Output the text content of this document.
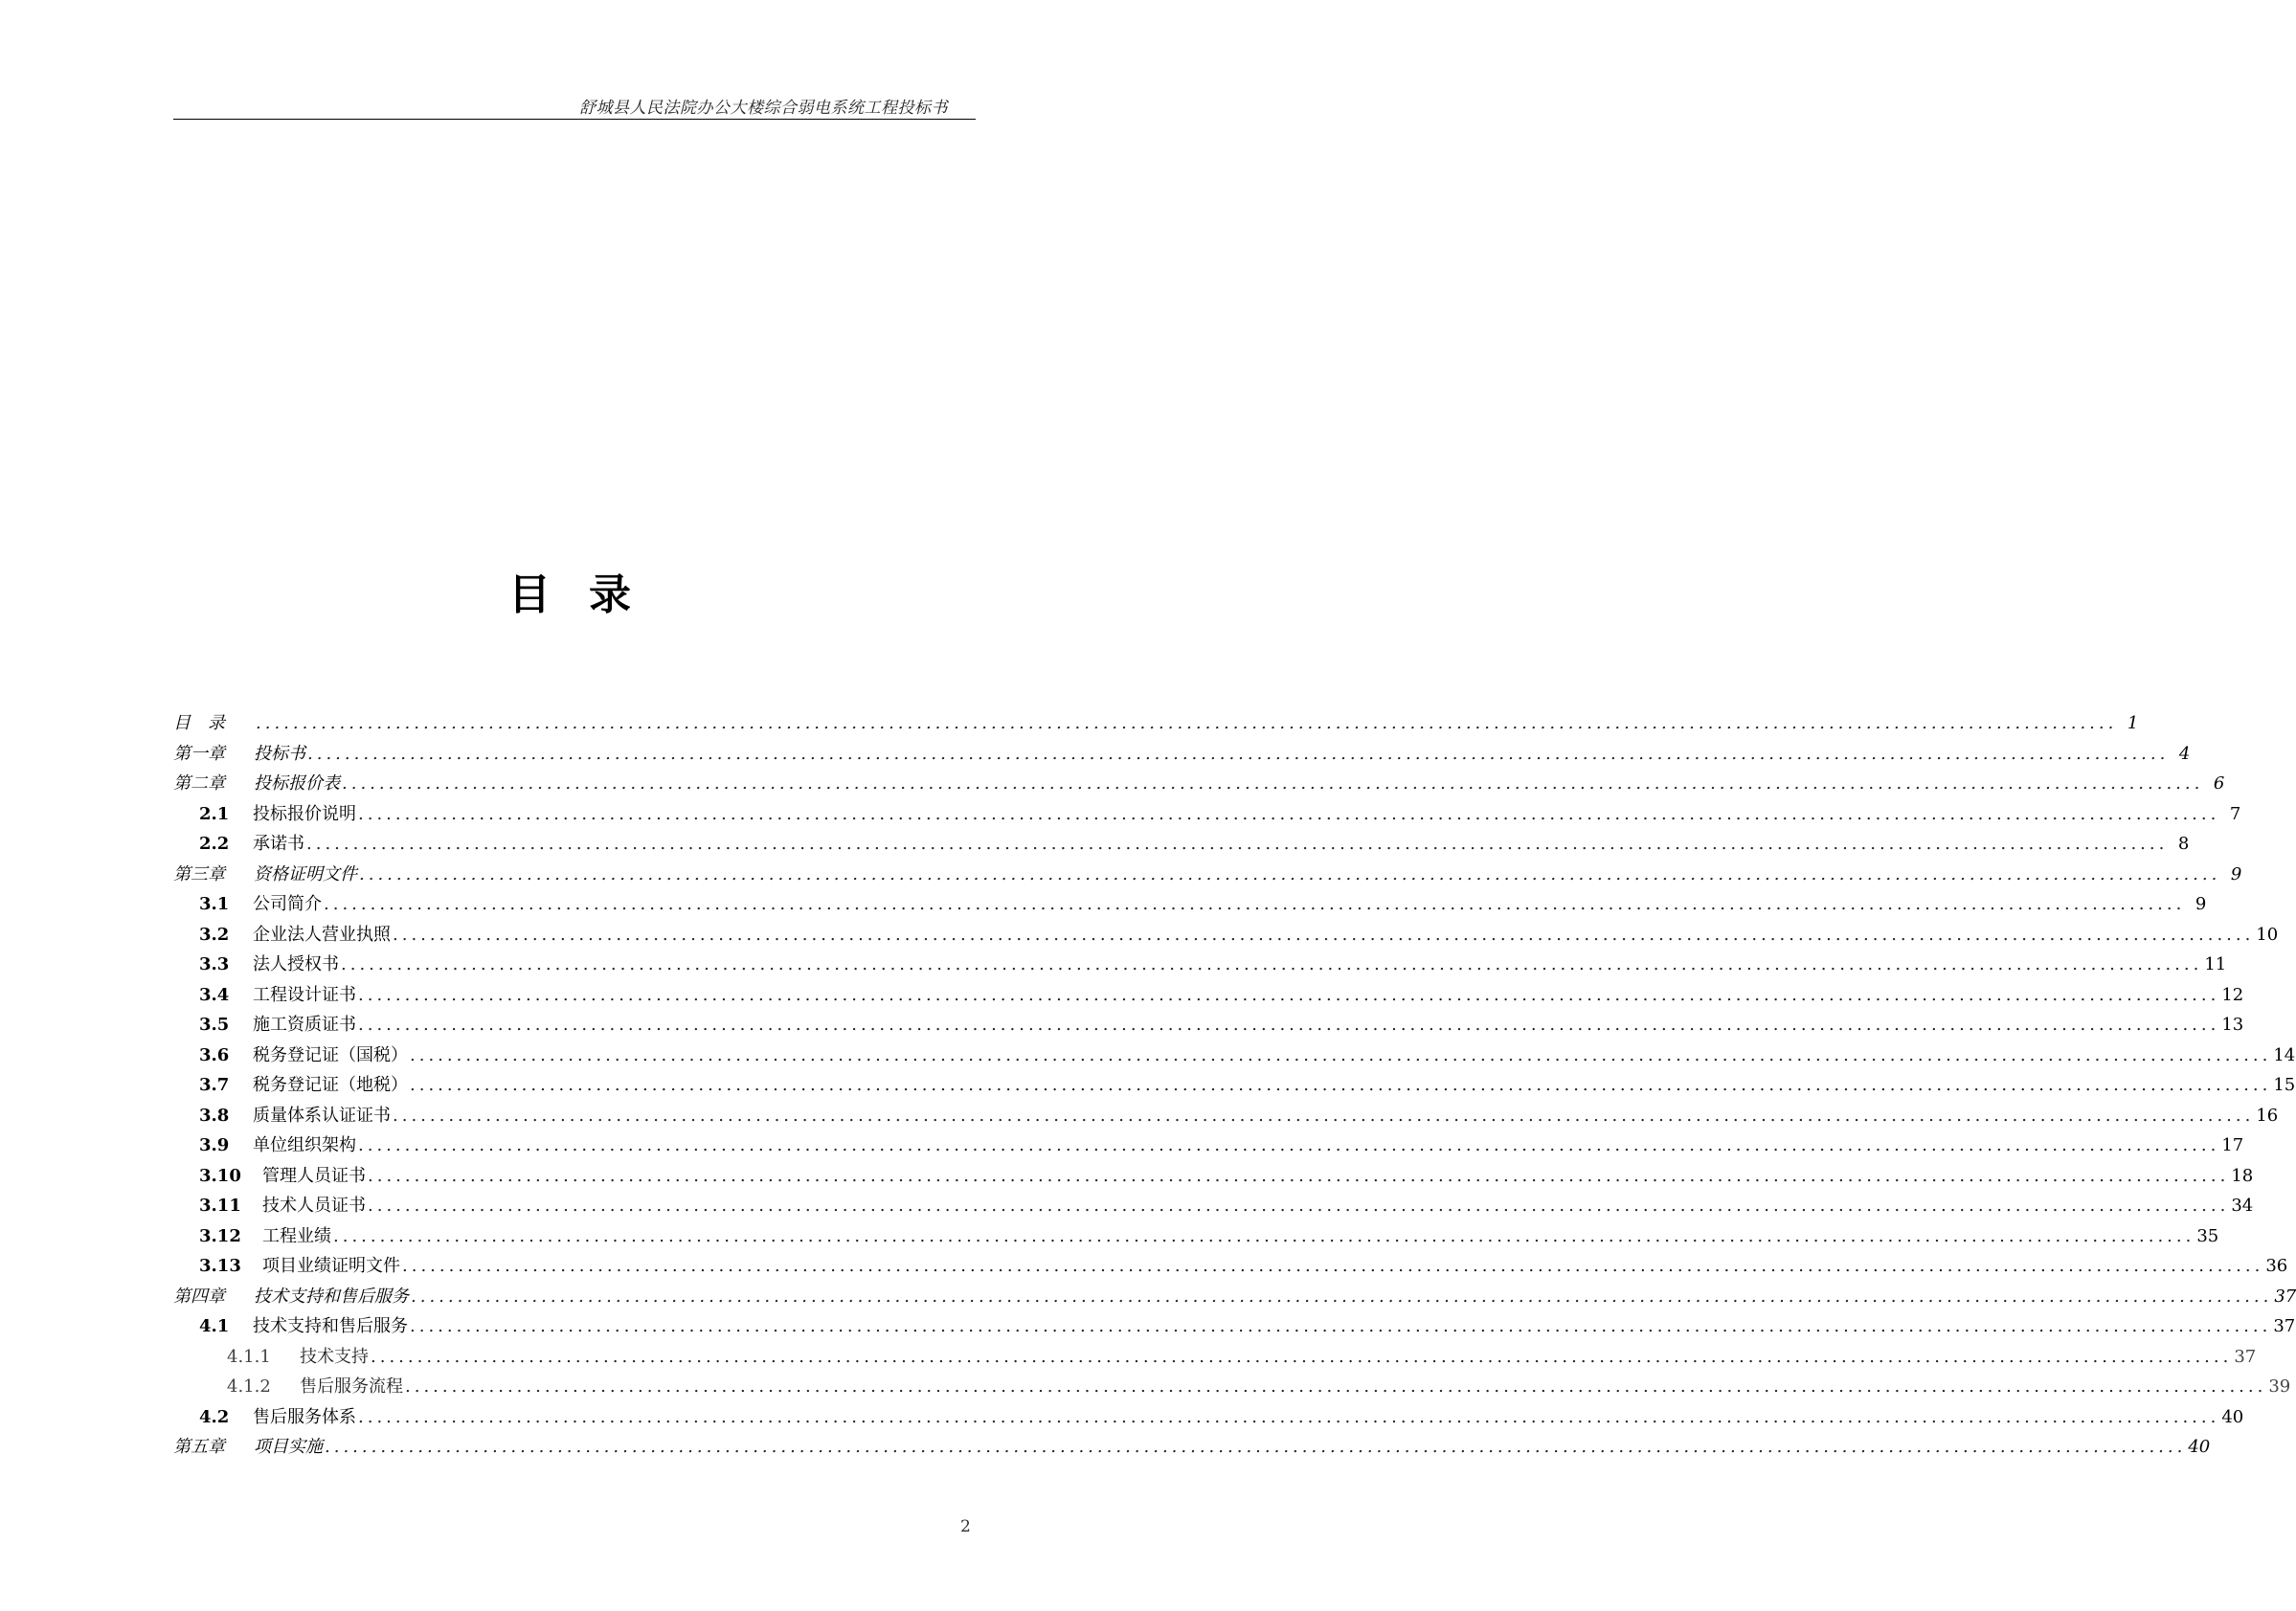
舒城县人民法院办公大楼综合弱电系统工程投标书
目录
目　录	........................................................................................................................................................................................................ 1
第一章	投标书 ........................................................................................................................................................................................................ 4
第二章	投标报价表 ........................................................................................................................................................................................................ 6
2.1	投标报价说明 ........................................................................................................................................................................................................ 7
2.2	承诺书 ........................................................................................................................................................................................................ 8
第三章	资格证明文件 ........................................................................................................................................................................................................ 9
3.1	公司简介 ........................................................................................................................................................................................................ 9
3.2	企业法人营业执照 ........................................................................................................................................................................................................ 10
3.3	法人授权书 ........................................................................................................................................................................................................ 11
3.4	工程设计证书 ........................................................................................................................................................................................................ 12
3.5	施工资质证书 ........................................................................................................................................................................................................ 13
3.6	税务登记证（国税） ........................................................................................................................................................................................................ 14
3.7	税务登记证（地税） ........................................................................................................................................................................................................ 15
3.8	质量体系认证证书 ........................................................................................................................................................................................................ 16
3.9	单位组织架构 ........................................................................................................................................................................................................ 17
3.10	管理人员证书 ........................................................................................................................................................................................................ 18
3.11	技术人员证书 ........................................................................................................................................................................................................ 34
3.12	工程业绩 ........................................................................................................................................................................................................ 35
3.13	项目业绩证明文件 ........................................................................................................................................................................................................ 36
第四章	技术支持和售后服务 ........................................................................................................................................................................................................ 37
4.1	技术支持和售后服务 ........................................................................................................................................................................................................ 37
4.1.1	技术支持 ........................................................................................................................................................................................................ 37
4.1.2	售后服务流程 ........................................................................................................................................................................................................ 39
4.2	售后服务体系 ........................................................................................................................................................................................................ 40
第五章	项目实施 ........................................................................................................................................................................................................ 40
2
